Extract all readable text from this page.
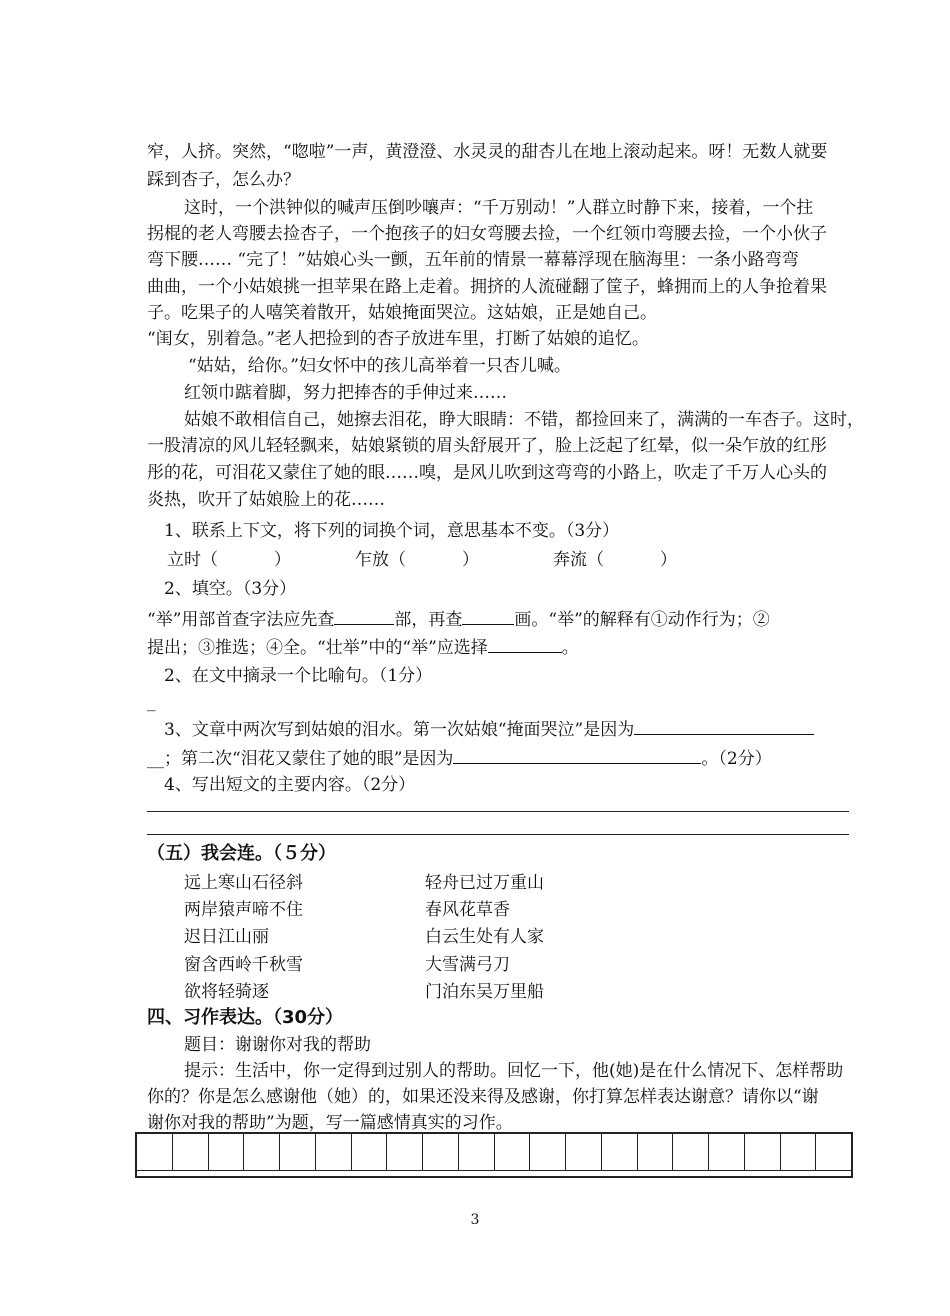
窄，人挤。突然，“唿啦”一声，黄澄澄、水灵灵的甜杏儿在地上滚动起来。呀！无数人就要
踩到杏子，怎么办？
这时，一个洪钟似的喊声压倒吵嚷声：“千万别动！”人群立时静下来，接着，一个拄
拐棍的老人弯腰去捡杏子，一个抱孩子的妇女弯腰去捡，一个红领巾弯腰去捡，一个小伙子
弯下腰…… “完了！”姑娘心头一颤，五年前的情景一幕幕浮现在脑海里：一条小路弯弯
曲曲，一个小姑娘挑一担苹果在路上走着。拥挤的人流碰翻了筐子，蜂拥而上的人争抢着果
子。吃果子的人嘻笑着散开，姑娘掩面哭泣。这姑娘，正是她自己。
“闺女，别着急。”老人把捡到的杏子放进车里，打断了姑娘的追忆。
“姑姑，给你。”妇女怀中的孩儿高举着一只杏儿喊。
红领巾踮着脚，努力把捧杏的手伸过来……
姑娘不敢相信自己，她擦去泪花，睁大眼睛：不错，都捡回来了，满满的一车杏子。这时，
一股清凉的风儿轻轻飘来，姑娘紧锁的眉头舒展开了，脸上泛起了红晕，似一朵乍放的红彤
彤的花，可泪花又蒙住了她的眼……嗅，是风儿吹到这弯弯的小路上，吹走了千万人心头的
炎热，吹开了姑娘脸上的花……
1、联系上下文，将下列的词换个词，意思基本不变。（3分）
立时（	）	乍放（	）	奔流（	）
2、填空。（3分）
“举”用部首查字法应先查	部，再查	画。“举”的解释有①动作行为；②
提出；③推选；④全。“壮举”中的“举”应选择	。
2、在文中摘录一个比喻句。（1分）
_
3、文章中两次写到姑娘的泪水。第一次姑娘“掩面哭泣”是因为
__；第二次“泪花又蒙住了她的眼”是因为	。（2分）
4、写出短文的主要内容。（2分）
（五）我会连。（５分）
远上寒山石径斜	轻舟已过万重山
两岸猿声啼不住	春风花草香
迟日江山丽	白云生处有人家
窗含西岭千秋雪	大雪满弓刀
欲将轻骑逐	门泊东吴万里船
四、习作表达。（30分）
题目：谢谢你对我的帮助
提示：生活中，你一定得到过别人的帮助。回忆一下，他(她)是在什么情况下、怎样帮助
你的？你是怎么感谢他（她）的，如果还没来得及感谢，你打算怎样表达谢意？请你以“谢
谢你对我的帮助”为题，写一篇感情真实的习作。
3
